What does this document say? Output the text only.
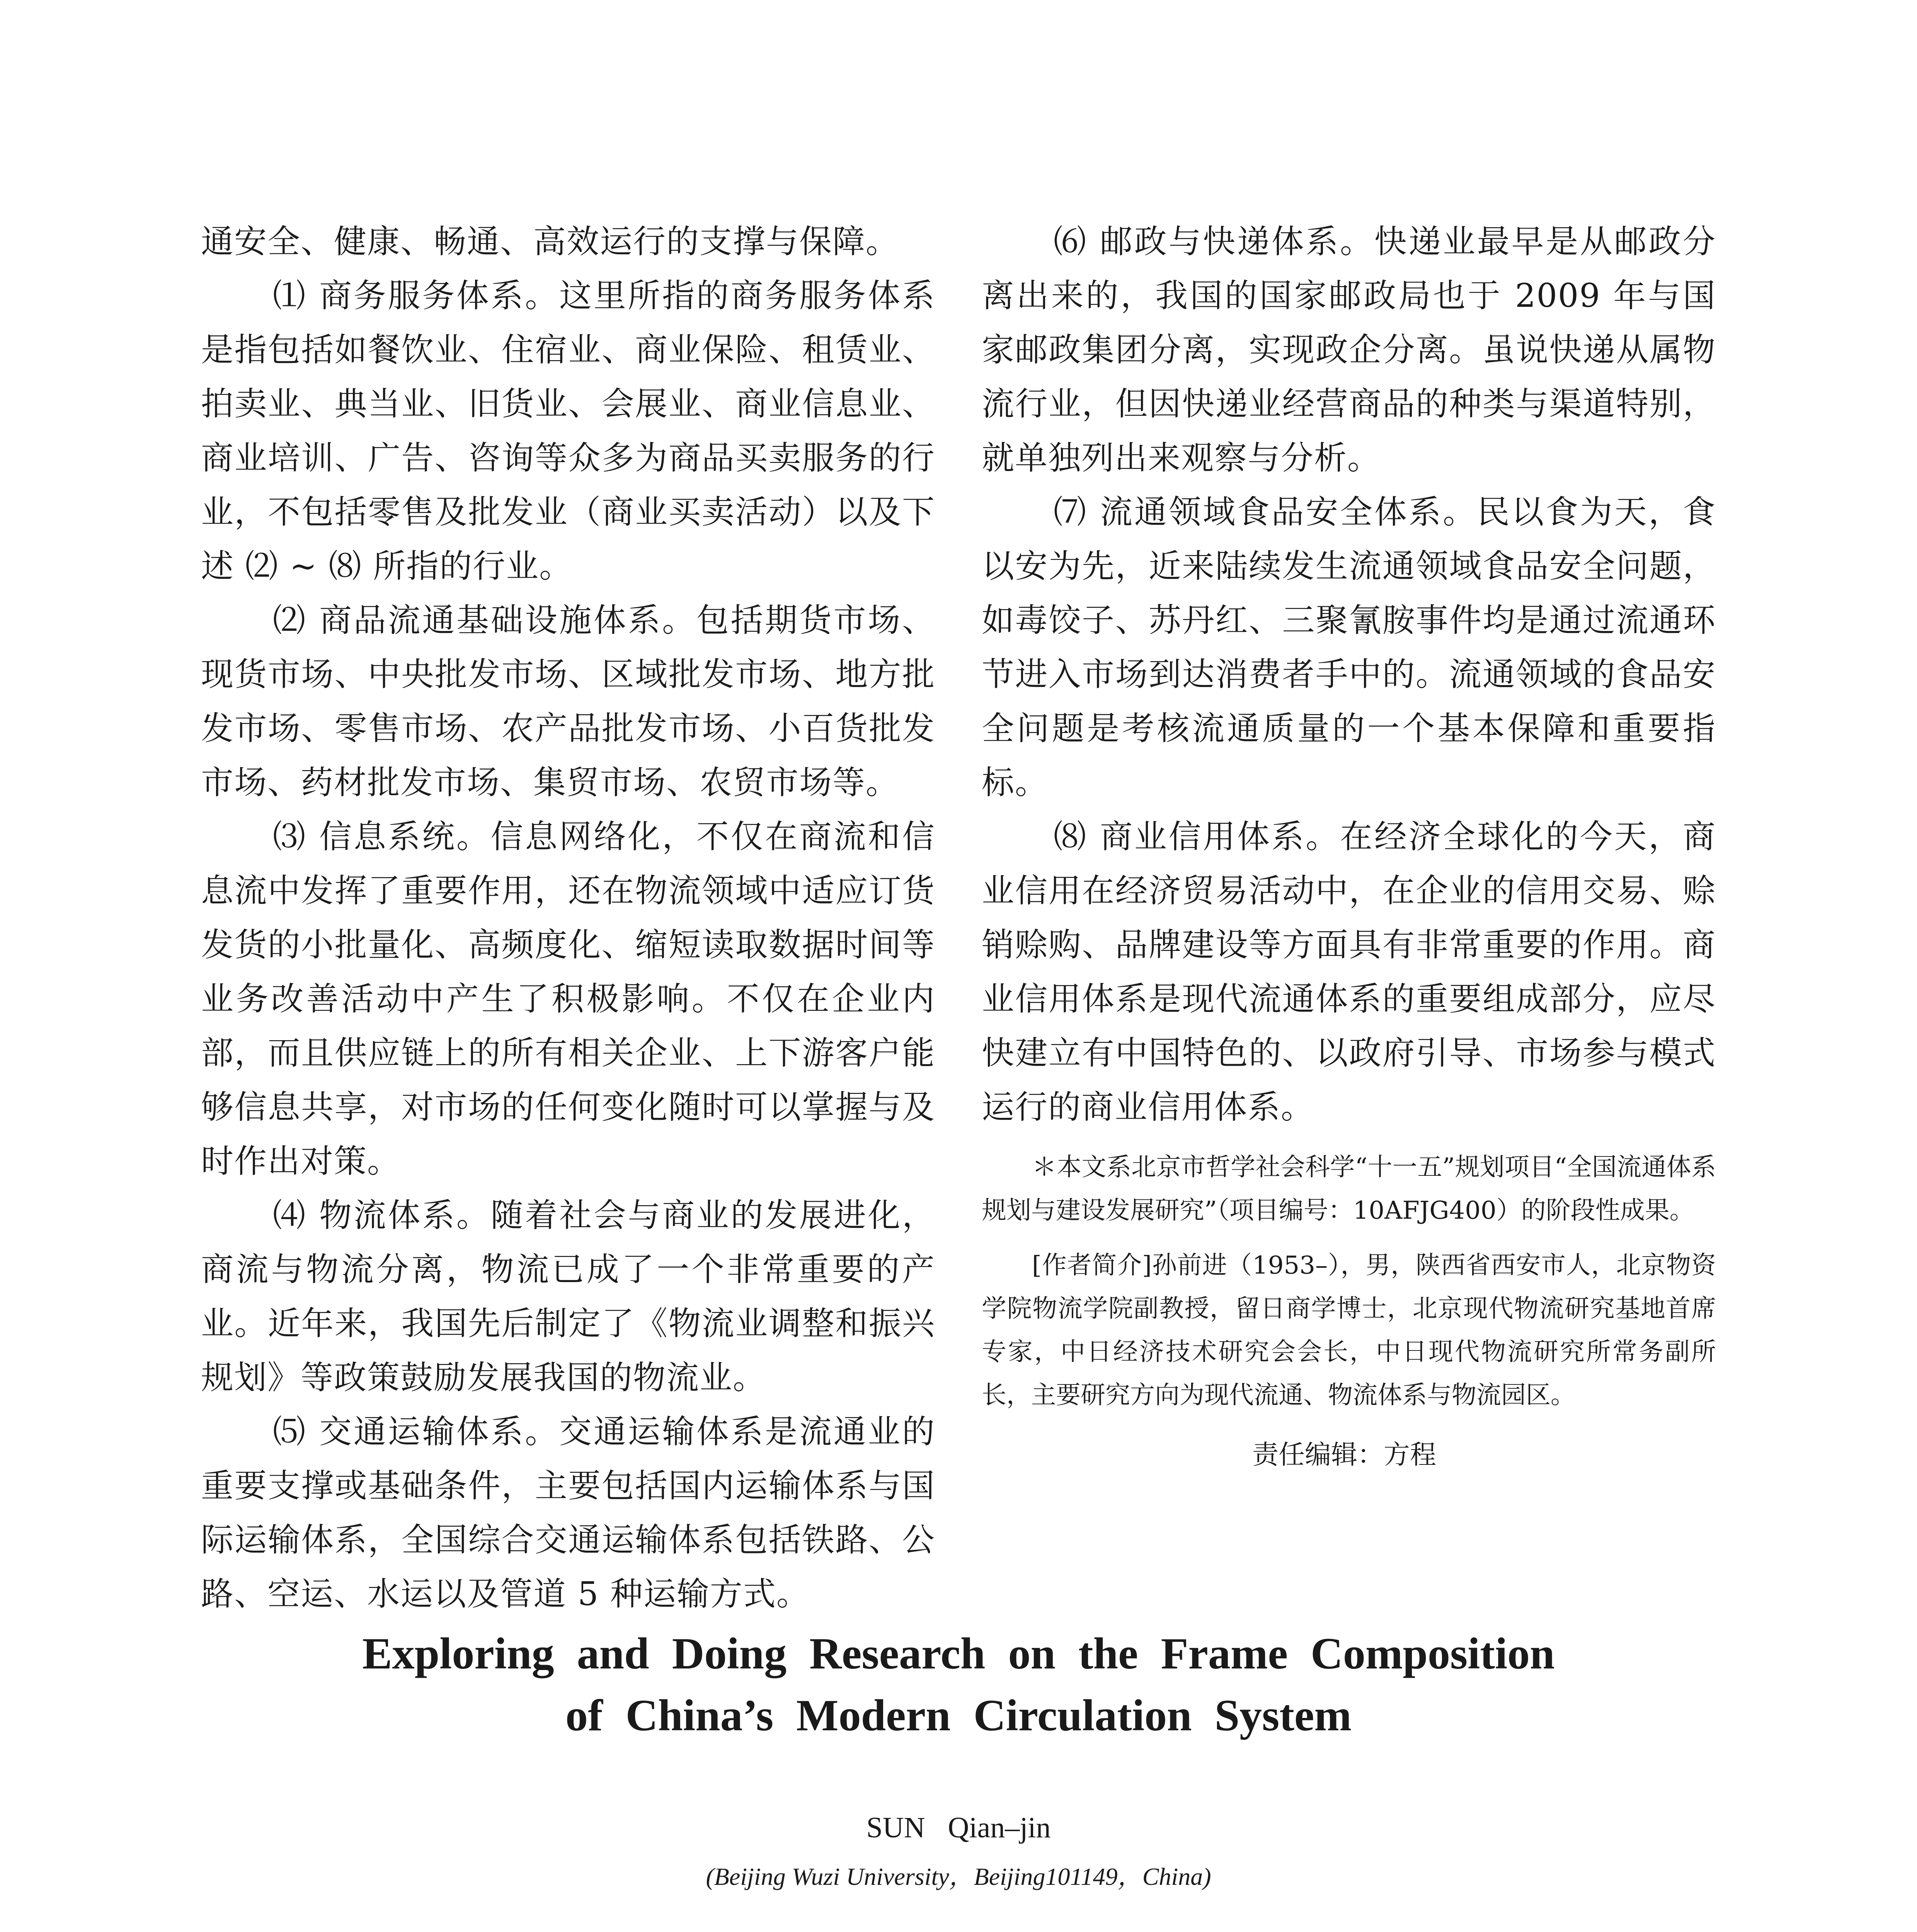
通安全、健康、畅通、高效运行的支撑与保障。

⑴ 商务服务体系。这里所指的商务服务体系是指包括如餐饮业、住宿业、商业保险、租赁业、拍卖业、典当业、旧货业、会展业、商业信息业、商业培训、广告、咨询等众多为商品买卖服务的行业，不包括零售及批发业（商业买卖活动）以及下述 ⑵ ~ ⑻ 所指的行业。

⑵ 商品流通基础设施体系。包括期货市场、现货市场、中央批发市场、区域批发市场、地方批发市场、零售市场、农产品批发市场、小百货批发市场、药材批发市场、集贸市场、农贸市场等。

⑶ 信息系统。信息网络化，不仅在商流和信息流中发挥了重要作用，还在物流领域中适应订货发货的小批量化、高频度化、缩短读取数据时间等业务改善活动中产生了积极影响。不仅在企业内部，而且供应链上的所有相关企业、上下游客户能够信息共享，对市场的任何变化随时可以掌握与及时作出对策。

⑷ 物流体系。随着社会与商业的发展进化，商流与物流分离，物流已成了一个非常重要的产业。近年来，我国先后制定了《物流业调整和振兴规划》等政策鼓励发展我国的物流业。

⑸ 交通运输体系。交通运输体系是流通业的重要支撑或基础条件，主要包括国内运输体系与国际运输体系，全国综合交通运输体系包括铁路、公路、空运、水运以及管道 5 种运输方式。

⑹ 邮政与快递体系。快递业最早是从邮政分离出来的，我国的国家邮政局也于 2009 年与国家邮政集团分离，实现政企分离。虽说快递从属物流行业，但因快递业经营商品的种类与渠道特别，就单独列出来观察与分析。

⑺ 流通领域食品安全体系。民以食为天，食以安为先，近来陆续发生流通领域食品安全问题，如毒饺子、苏丹红、三聚氰胺事件均是通过流通环节进入市场到达消费者手中的。流通领域的食品安全问题是考核流通质量的一个基本保障和重要指标。

⑻ 商业信用体系。在经济全球化的今天，商业信用在经济贸易活动中，在企业的信用交易、赊销赊购、品牌建设等方面具有非常重要的作用。商业信用体系是现代流通体系的重要组成部分，应尽快建立有中国特色的、以政府引导、市场参与模式运行的商业信用体系。

＊本文系北京市哲学社会科学“十一五”规划项目“全国流通体系规划与建设发展研究”（项目编号：10AFJG400）的阶段性成果。

[作者简介]孙前进（1953–），男，陕西省西安市人，北京物资学院物流学院副教授，留日商学博士，北京现代物流研究基地首席专家，中日经济技术研究会会长，中日现代物流研究所常务副所长，主要研究方向为现代流通、物流体系与物流园区。

责任编辑：方程

Exploring and Doing Research on the Frame Composition
of China’s Modern Circulation System
SUN Qian–jin
(Beijing Wuzi University，Beijing101149，China)
